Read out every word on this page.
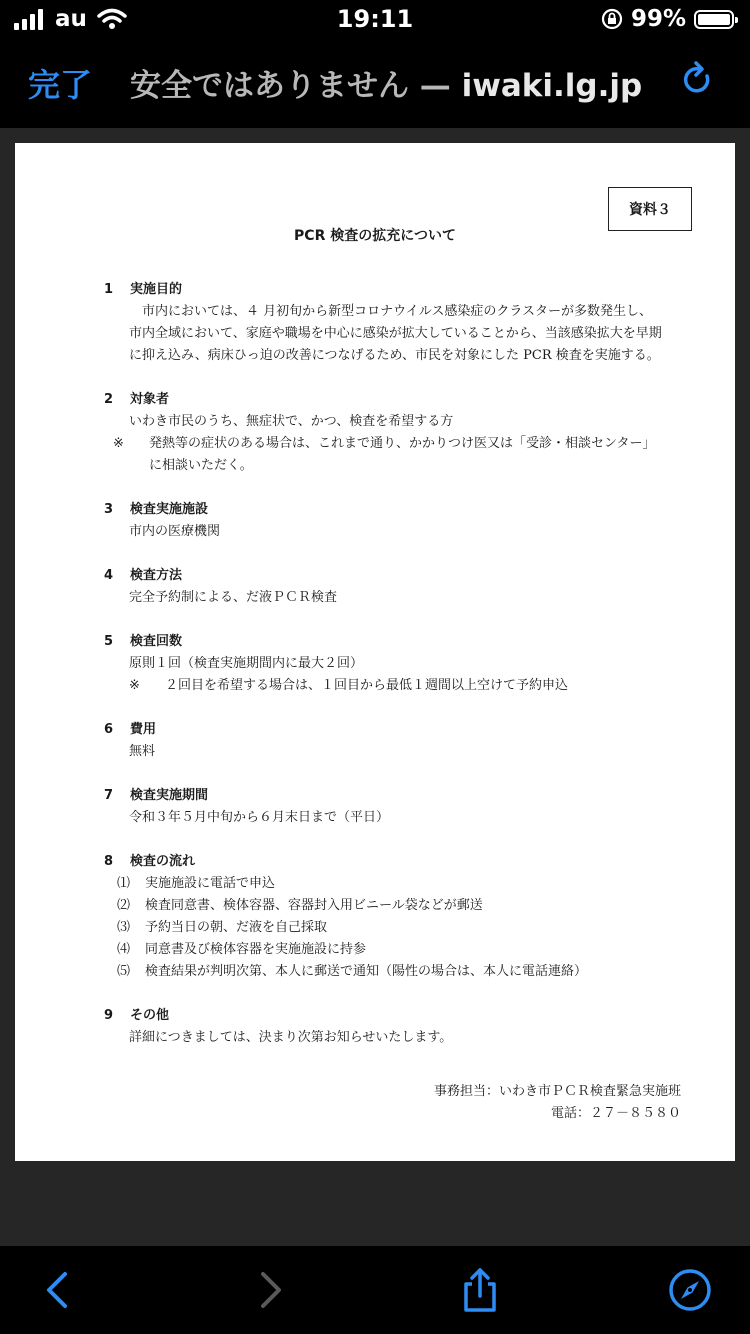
au	19:11	99%
完了 安全ではありません — iwaki.lg.jp
資料３
PCR 検査の拡充について
1	実施目的
市内においては、４ 月初旬から新型コロナウイルス感染症のクラスターが多数発生し、市内全域において、家庭や職場を中心に感染が拡大していることから、当該感染拡大を早期に抑え込み、病床ひっ迫の改善につなげるため、市民を対象にした PCR 検査を実施する。
2	対象者
いわき市民のうち、無症状で、かつ、検査を希望する方
※	発熱等の症状のある場合は、これまで通り、かかりつけ医又は「受診・相談センター」に相談いただく。
3	検査実施施設
市内の医療機関
4	検査方法
完全予約制による、だ液ＰＣＲ検査
5	検査回数
原則１回（検査実施期間内に最大２回）
※	２回目を希望する場合は、１回目から最低１週間以上空けて予約申込
6	費用
無料
7	検査実施期間
令和３年５月中旬から６月末日まで（平日）
8	検査の流れ
⑴	実施施設に電話で申込
⑵	検査同意書、検体容器、容器封入用ビニール袋などが郵送
⑶	予約当日の朝、だ液を自己採取
⑷	同意書及び検体容器を実施施設に持参
⑸	検査結果が判明次第、本人に郵送で通知（陽性の場合は、本人に電話連絡）
9	その他
詳細につきましては、決まり次第お知らせいたします。
事務担当：いわき市ＰＣＲ検査緊急実施班
電話：２７－８５８０
